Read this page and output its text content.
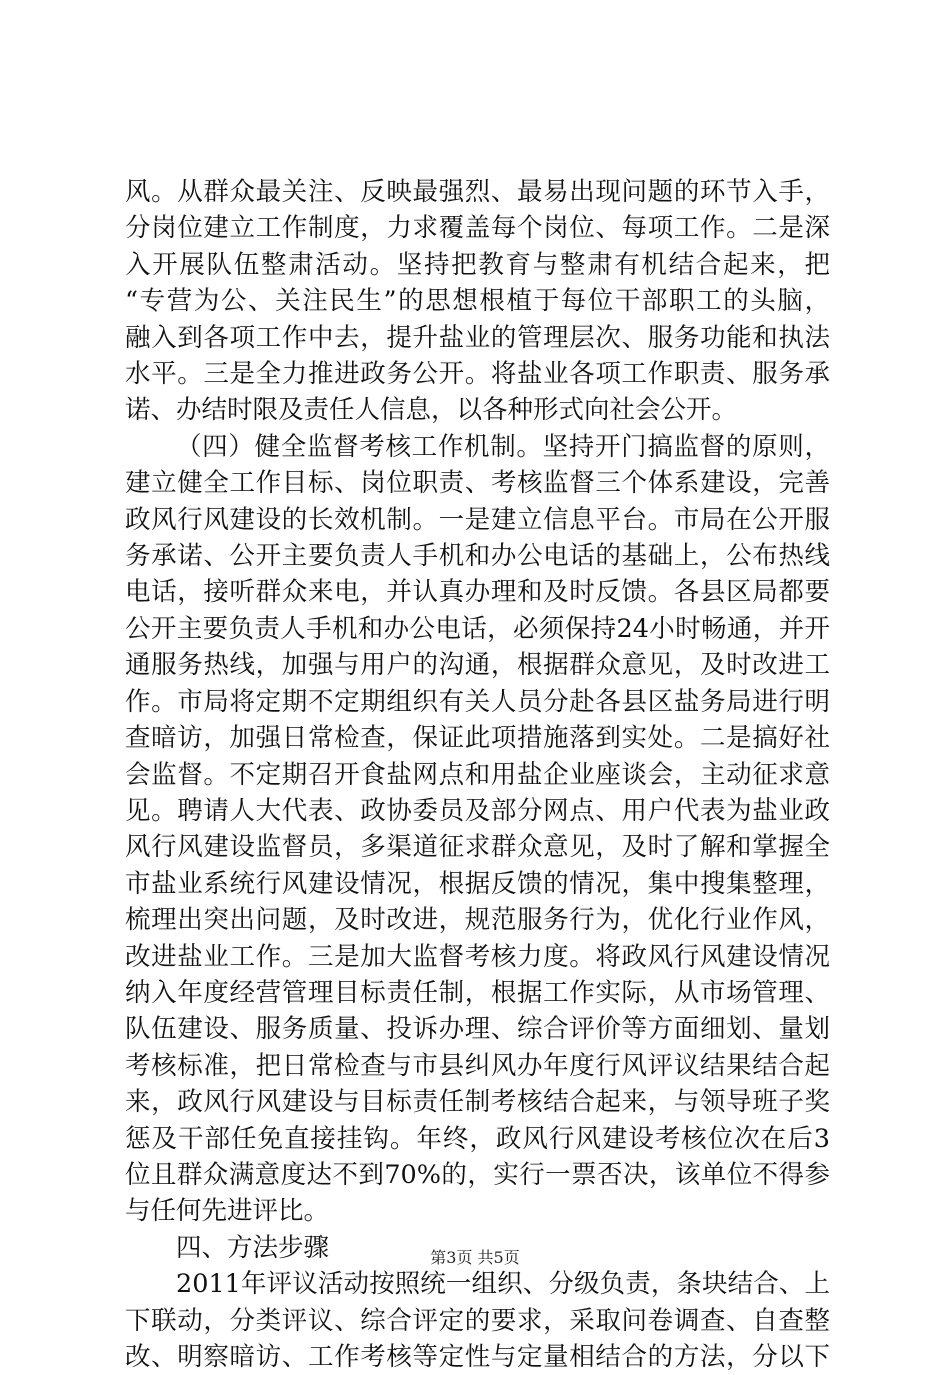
风。从群众最关注、反映最强烈、最易出现问题的环节入手，

分岗位建立工作制度，力求覆盖每个岗位、每项工作。二是深

入开展队伍整肃活动。坚持把教育与整肃有机结合起来，把

“专营为公、关注民生”的思想根植于每位干部职工的头脑，

融入到各项工作中去，提升盐业的管理层次、服务功能和执法

水平。三是全力推进政务公开。将盐业各项工作职责、服务承

诺、办结时限及责任人信息，以各种形式向社会公开。

（四）健全监督考核工作机制。坚持开门搞监督的原则，

建立健全工作目标、岗位职责、考核监督三个体系建设，完善

政风行风建设的长效机制。一是建立信息平台。市局在公开服

务承诺、公开主要负责人手机和办公电话的基础上，公布热线

电话，接听群众来电，并认真办理和及时反馈。各县区局都要

公开主要负责人手机和办公电话，必须保持24小时畅通，并开

通服务热线，加强与用户的沟通，根据群众意见，及时改进工

作。市局将定期不定期组织有关人员分赴各县区盐务局进行明

查暗访，加强日常检查，保证此项措施落到实处。二是搞好社

会监督。不定期召开食盐网点和用盐企业座谈会，主动征求意

见。聘请人大代表、政协委员及部分网点、用户代表为盐业政

风行风建设监督员，多渠道征求群众意见，及时了解和掌握全

市盐业系统行风建设情况，根据反馈的情况，集中搜集整理，

梳理出突出问题，及时改进，规范服务行为，优化行业作风，

改进盐业工作。三是加大监督考核力度。将政风行风建设情况

纳入年度经营管理目标责任制，根据工作实际，从市场管理、

队伍建设、服务质量、投诉办理、综合评价等方面细划、量划

考核标准，把日常检查与市县纠风办年度行风评议结果结合起

来，政风行风建设与目标责任制考核结合起来，与领导班子奖

惩及干部任免直接挂钩。年终，政风行风建设考核位次在后3

位且群众满意度达不到70%的，实行一票否决，该单位不得参

与任何先进评比。

四、方法步骤

2011年评议活动按照统一组织、分级负责，条块结合、上

下联动，分类评议、综合评定的要求，采取问卷调查、自查整

改、明察暗访、工作考核等定性与定量相结合的方法，分以下

第3页 共5页
